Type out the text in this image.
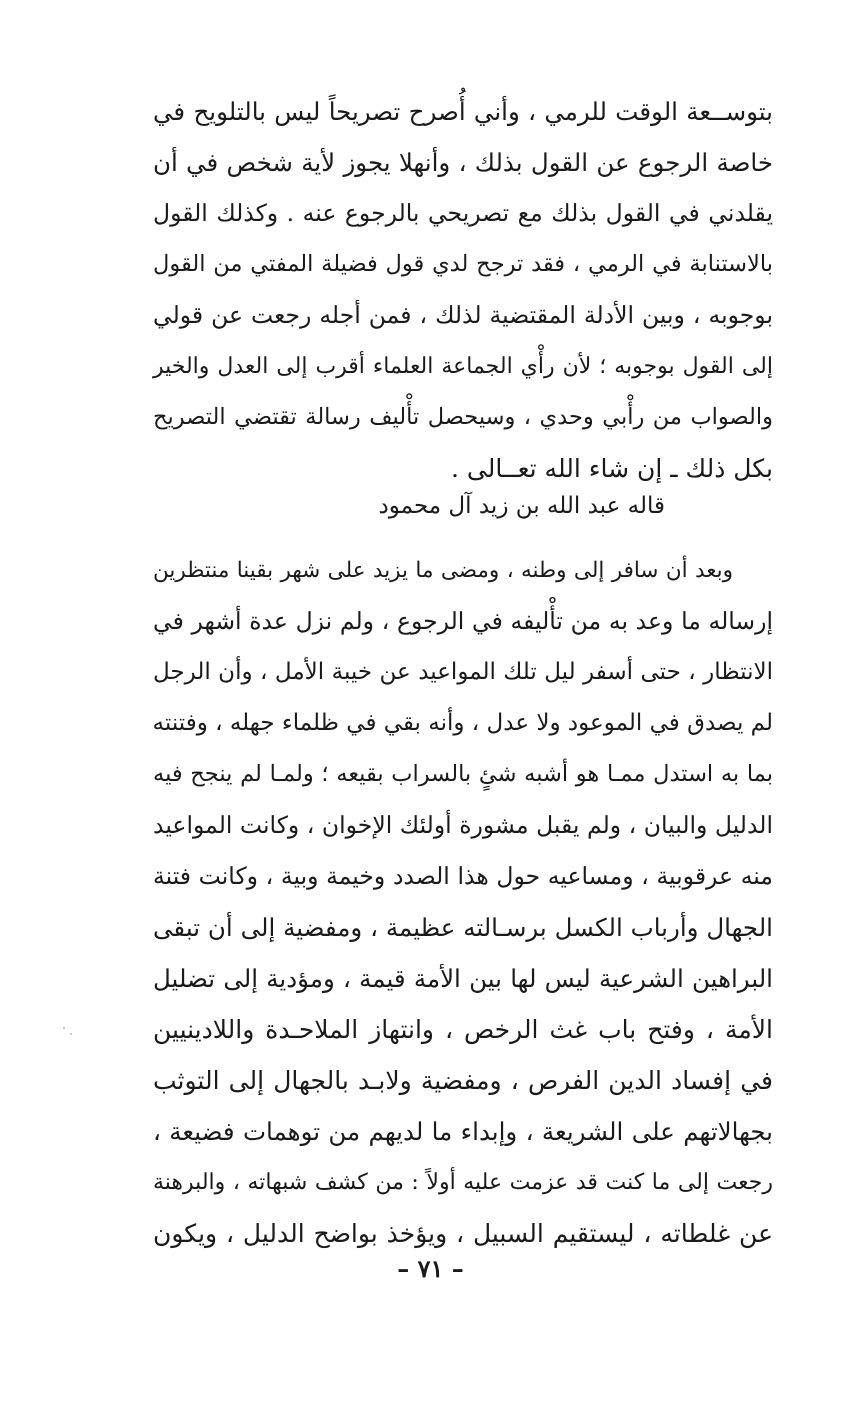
بتوســعة الوقت للرمي ، وأني أُصرح تصريحاً ليس بالتلويح في
خاصة الرجوع عن القول بذلك ، وأنهلا يجوز لأية شخص في أن
يقلدني في القول بذلك مع تصريحي بالرجوع عنه . وكذلك القول
بالاستنابة في الرمي ، فقد ترجح لدي قول فضيلة المفتي من القول
بوجوبه ، وبين الأدلة المقتضية لذلك ، فمن أجله رجعت عن قولي
إلى القول بوجوبه ؛ لأن رأْي الجماعة العلماء أقرب إلى العدل والخير
والصواب من رأْبي وحدي ، وسيحصل تأْليف رسالة تقتضي التصريح
بكل ذلك ـ إن شاء الله تعــالى .
قاله عبد الله بن زيد آل محمود
وبعد أن سافر إلى وطنه ، ومضى ما يزيد على شهر بقينا منتظرين
إرساله ما وعد به من تأْليفه في الرجوع ، ولم نزل عدة أشهر في
الانتظار ، حتى أسفر ليل تلك المواعيد عن خيبة الأمل ، وأن الرجل
لم يصدق في الموعود ولا عدل ، وأنه بقي في ظلماء جهله ، وفتنته
بما به استدل ممـا هو أشبه شئٍ بالسراب بقيعه ؛ ولمـا لم ينجح فيه
الدليل والبيان ، ولم يقبل مشورة أولئك الإخوان ، وكانت المواعيد
منه عرقوبية ، ومساعيه حول هذا الصدد وخيمة وبية ، وكانت فتنة
الجهال وأرباب الكسل برسـالته عظيمة ، ومفضية إلى أن تبقى
البراهين الشرعية ليس لها بين الأمة قيمة ، ومؤدية إلى تضليل
الأمة ، وفتح باب غث الرخص ، وانتهاز الملاحـدة واللادينيين
في إفساد الدين الفرص ، ومفضية ولابـد بالجهال إلى التوثب
بجهالاتهم على الشريعة ، وإبداء ما لديهم من توهمات فضيعة ،
رجعت إلى ما كنت قد عزمت عليه أولاً : من كشف شبهاته ، والبرهنة
عن غلطاته ، ليستقيم السبيل ، ويؤخذ بواضح الدليل ، ويكون
– ٧١ –
